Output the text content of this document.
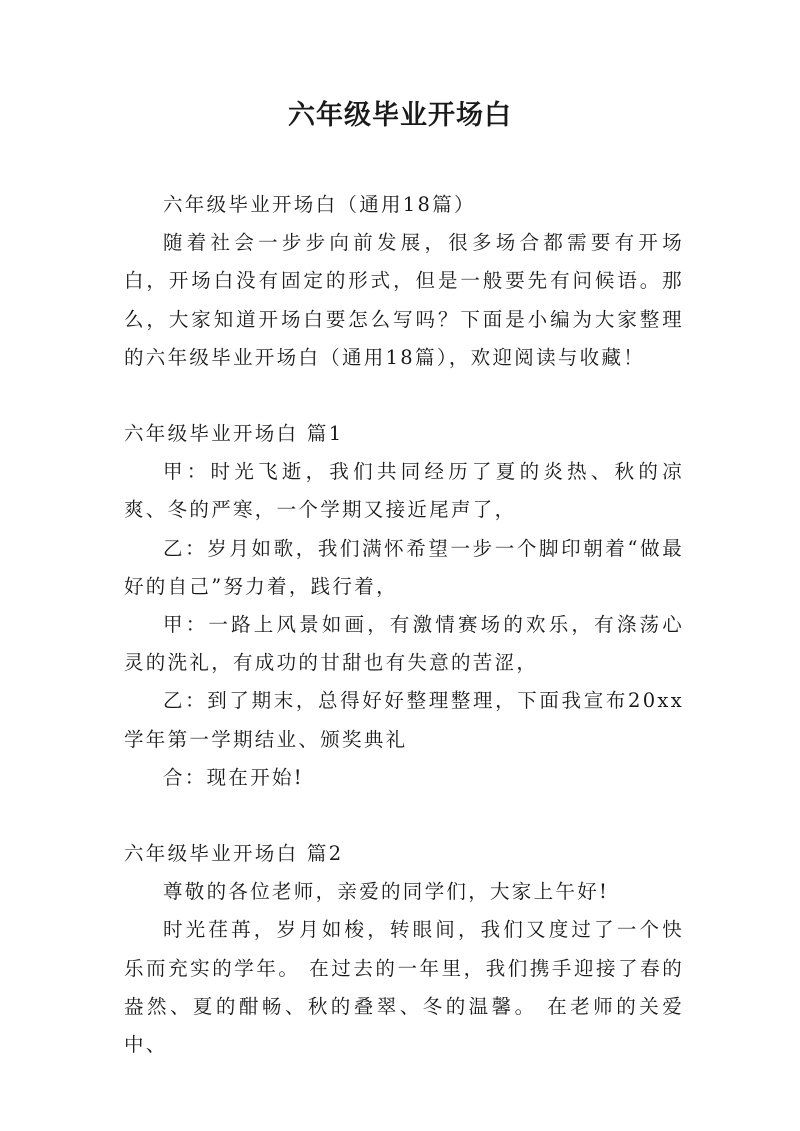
六年级毕业开场白

六年级毕业开场白（通用18篇）

随着社会一步步向前发展，很多场合都需要有开场白，开场白没有固定的形式，但是一般要先有问候语。那么，大家知道开场白要怎么写吗？下面是小编为大家整理的六年级毕业开场白（通用18篇），欢迎阅读与收藏！

六年级毕业开场白 篇1

甲：时光飞逝，我们共同经历了夏的炎热、秋的凉爽、冬的严寒，一个学期又接近尾声了，

乙：岁月如歌，我们满怀希望一步一个脚印朝着“做最好的自己”努力着，践行着，

甲：一路上风景如画，有激情赛场的欢乐，有涤荡心灵的洗礼，有成功的甘甜也有失意的苦涩，

乙：到了期末，总得好好整理整理，下面我宣布20xx学年第一学期结业、颁奖典礼

合：现在开始!

六年级毕业开场白 篇2

尊敬的各位老师，亲爱的同学们，大家上午好!

时光荏苒，岁月如梭，转眼间，我们又度过了一个快乐而充实的学年。 在过去的一年里，我们携手迎接了春的盎然、夏的酣畅、秋的叠翠、冬的温馨。 在老师的关爱中、
